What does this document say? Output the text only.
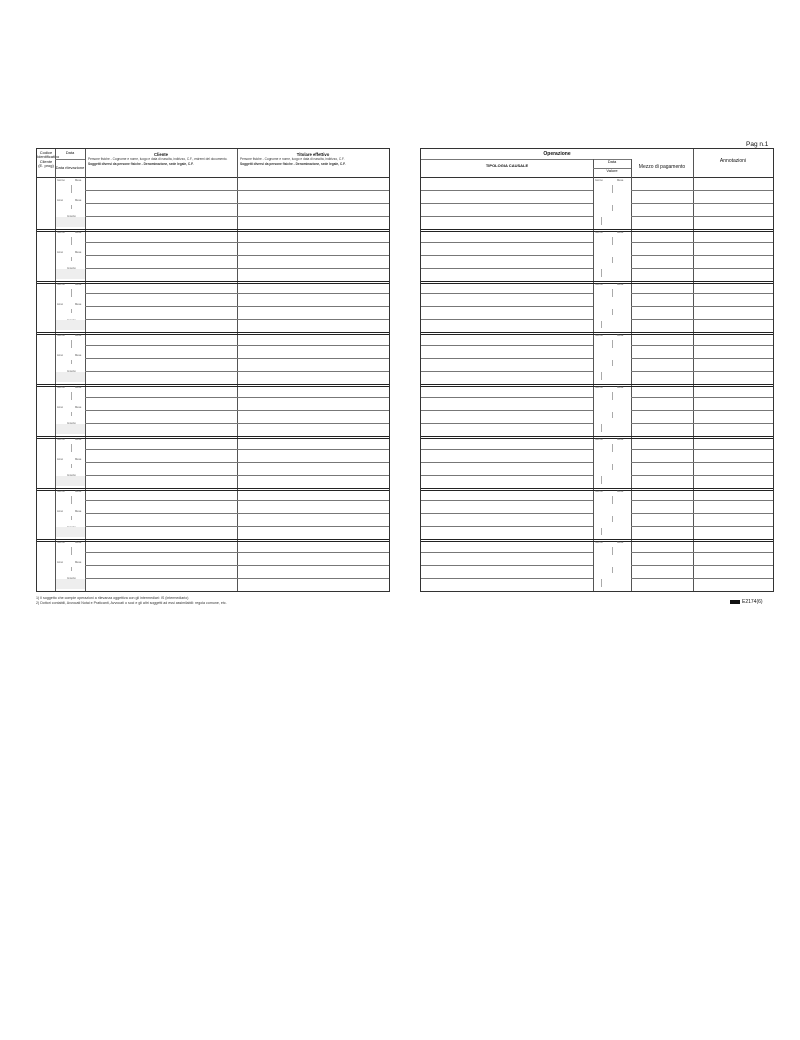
Pag n.1
Codice
Identificativo
Cliente
(E. prog)
Data
Data rilevazione
Cliente
Persone fisiche - Cognome e nome, luogo e data di nascita, indirizzo, C.F., estremi del documento.
Soggetti diversi da persone fisiche - Denominazione, sede legale, C.F.
Titolare effettivo
Persone fisiche - Cognome e nome, luogo e data di nascita, indirizzo, C.F.
Soggetti diversi da persone fisiche - Denominazione, sede legale, C.F.
Giorno	Mese
Anno	Mese
Giorno	Mese
Anno	Mese
Giorno	Mese
Anno	Mese
Giorno	Mese
Anno	Mese
Giorno	Mese
Anno	Mese
Giorno	Mese
Anno	Mese
Giorno	Mese
Anno	Mese
Giorno	Mese
Anno	Mese
Operazione
TIPOLOGIA CAUSALE
Data
Valore
Mezzo di pagamento
Annotazioni
Giorno	Mese
Giorno	Mese
Giorno	Mese
Giorno	Mese
Giorno	Mese
Giorno	Mese
Giorno	Mese
Giorno	Mese
1) Il soggetto che compie operazioni a rilevanza oggettiva con gli intermediari: IS (intermediario)
2) Dottori contabili, Avvocati Notai e Praticanti, Avvocati o soci e gli altri soggetti ad essi assimilabili: regola comune, etc.	E2174(6)
